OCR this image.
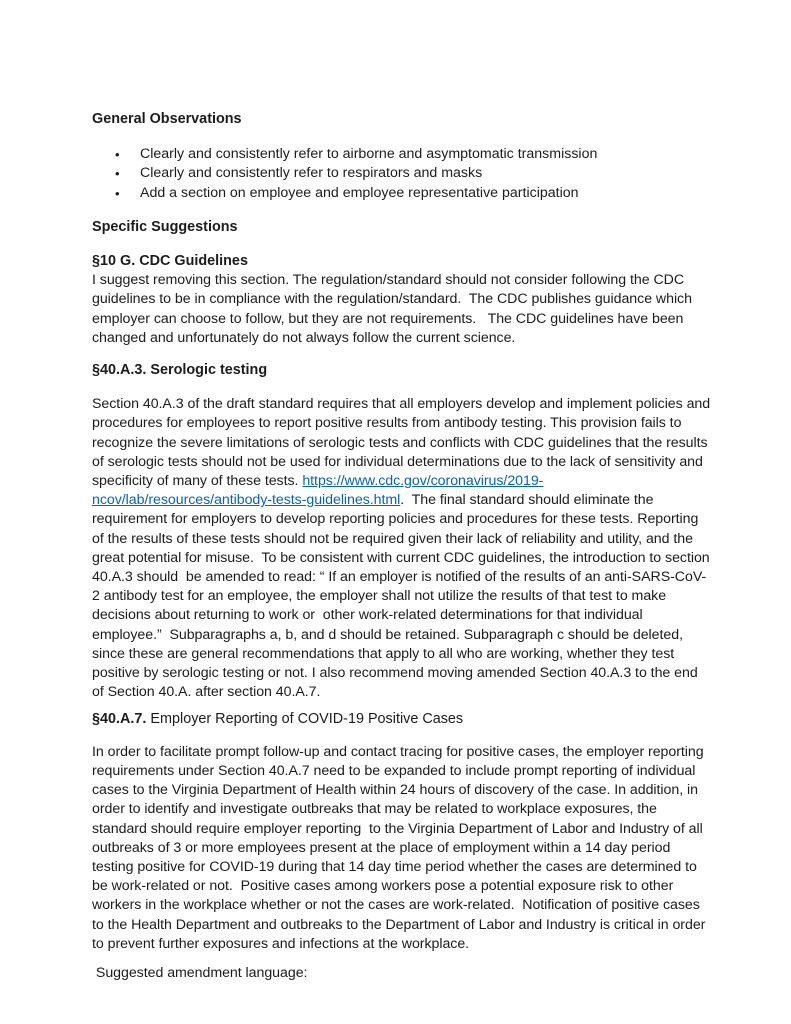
General Observations
•	Clearly and consistently refer to airborne and asymptomatic transmission
•	Clearly and consistently refer to respirators and masks
•	Add a section on employee and employee representative participation
Specific Suggestions
§10 G. CDC Guidelines

I suggest removing this section. The regulation/standard should not consider following the CDC guidelines to be in compliance with the regulation/standard.  The CDC publishes guidance which employer can choose to follow, but they are not requirements.   The CDC guidelines have been changed and unfortunately do not always follow the current science.

§40.A.3. Serologic testing

Section 40.A.3 of the draft standard requires that all employers develop and implement policies and procedures for employees to report positive results from antibody testing. This provision fails to recognize the severe limitations of serologic tests and conflicts with CDC guidelines that the results of serologic tests should not be used for individual determinations due to the lack of sensitivity and specificity of many of these tests. https://www.cdc.gov/coronavirus/2019-ncov/lab/resources/antibody-tests-guidelines.html.  The final standard should eliminate the requirement for employers to develop reporting policies and procedures for these tests. Reporting of the results of these tests should not be required given their lack of reliability and utility, and the great potential for misuse.  To be consistent with current CDC guidelines, the introduction to section 40.A.3 should  be amended to read: “ If an employer is notified of the results of an anti-SARS-CoV-2 antibody test for an employee, the employer shall not utilize the results of that test to make decisions about returning to work or  other work-related determinations for that individual employee.”  Subparagraphs a, b, and d should be retained. Subparagraph c should be deleted, since these are general recommendations that apply to all who are working, whether they test positive by serologic testing or not. I also recommend moving amended Section 40.A.3 to the end of Section 40.A. after section 40.A.7.

§40.A.7. Employer Reporting of COVID-19 Positive Cases

In order to facilitate prompt follow-up and contact tracing for positive cases, the employer reporting requirements under Section 40.A.7 need to be expanded to include prompt reporting of individual cases to the Virginia Department of Health within 24 hours of discovery of the case. In addition, in order to identify and investigate outbreaks that may be related to workplace exposures, the standard should require employer reporting  to the Virginia Department of Labor and Industry of all outbreaks of 3 or more employees present at the place of employment within a 14 day period testing positive for COVID-19 during that 14 day time period whether the cases are determined to be work-related or not.  Positive cases among workers pose a potential exposure risk to other workers in the workplace whether or not the cases are work-related.  Notification of positive cases to the Health Department and outbreaks to the Department of Labor and Industry is critical in order to prevent further exposures and infections at the workplace.

Suggested amendment language:
